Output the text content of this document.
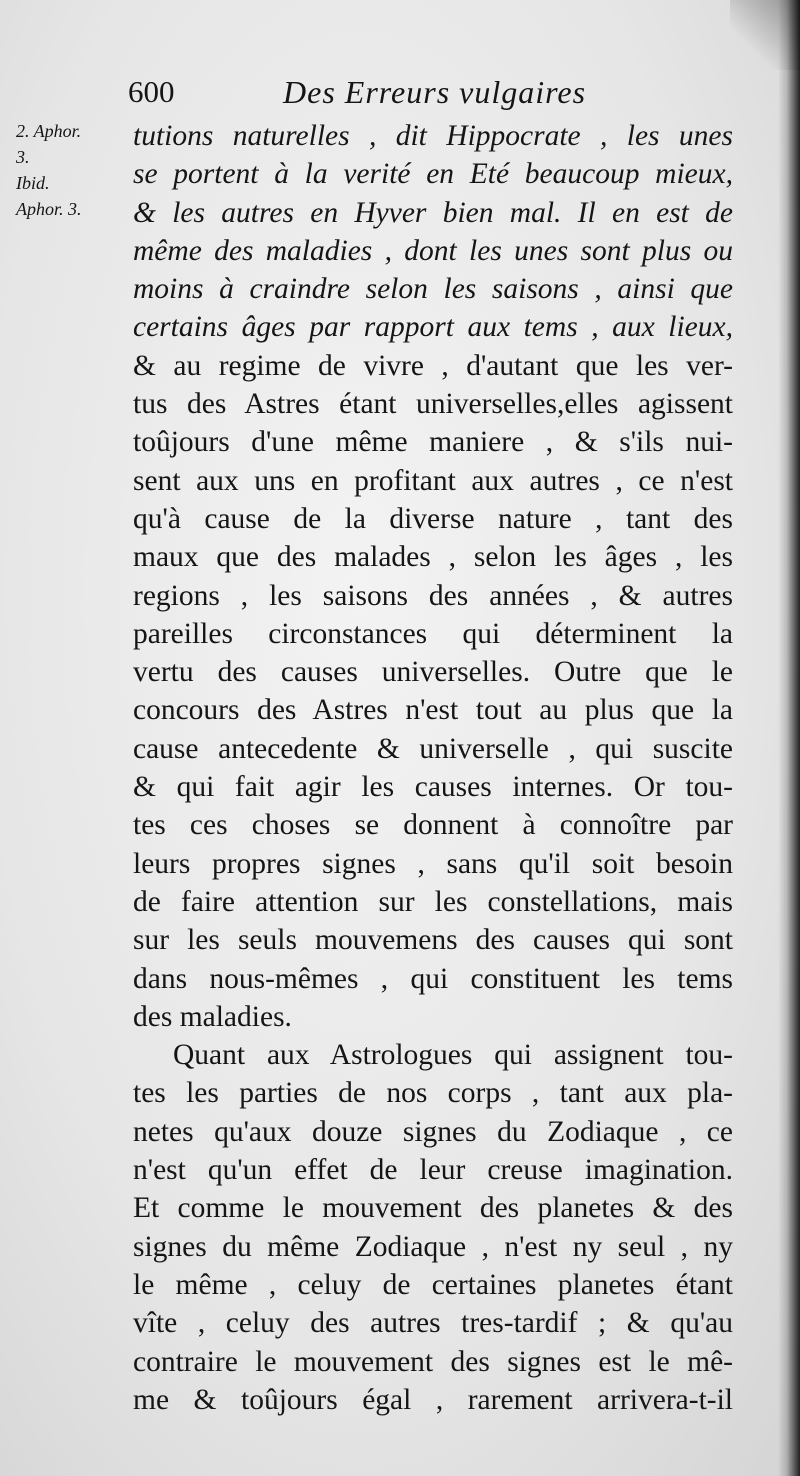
600	Des Erreurs vulgaires
2. Aphor.
3.
Ibid.
Aphor. 3.
tutions naturelles , dit Hippocrate , les unes
se portent à la verité en Eté beaucoup mieux,
& les autres en Hyver bien mal. Il en est de
même des maladies , dont les unes sont plus ou
moins à craindre selon les saisons , ainsi que
certains âges par rapport aux tems , aux lieux,
& au regime de vivre , d'autant que les ver-
tus des Astres étant universelles,elles agissent
toûjours d'une même maniere , & s'ils nui-
sent aux uns en profitant aux autres , ce n'est
qu'à cause de la diverse nature , tant des
maux que des malades , selon les âges , les
regions , les saisons des années , & autres
pareilles circonstances qui déterminent la
vertu des causes universelles. Outre que le
concours des Astres n'est tout au plus que la
cause antecedente & universelle , qui suscite
& qui fait agir les causes internes. Or tou-
tes ces choses se donnent à connoître par
leurs propres signes , sans qu'il soit besoin
de faire attention sur les constellations, mais
sur les seuls mouvemens des causes qui sont
dans nous-mêmes , qui constituent les tems
des maladies.
Quant aux Astrologues qui assignent tou-
tes les parties de nos corps , tant aux pla-
netes qu'aux douze signes du Zodiaque , ce
n'est qu'un effet de leur creuse imagination.
Et comme le mouvement des planetes & des
signes du même Zodiaque , n'est ny seul , ny
le même , celuy de certaines planetes étant
vîte , celuy des autres tres-tardif ; & qu'au
contraire le mouvement des signes est le mê-
me & toûjours égal , rarement arrivera-t-il
